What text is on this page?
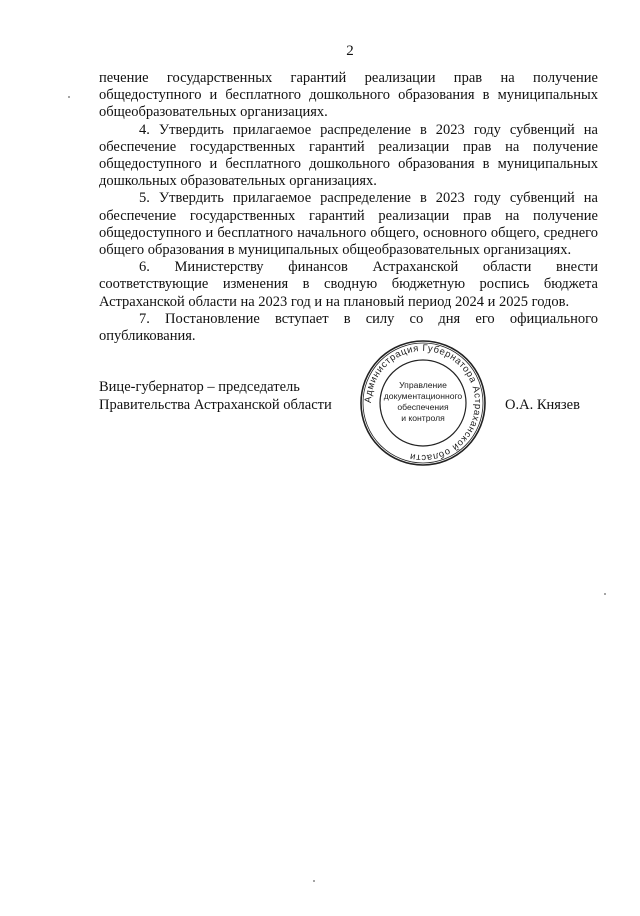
2

печение государственных гарантий реализации прав на получение общедоступного и бесплатного дошкольного образования в муниципальных общеобразовательных организациях.

4. Утвердить прилагаемое распределение в 2023 году субвенций на обеспечение государственных гарантий реализации прав на получение общедоступного и бесплатного дошкольного образования в муниципальных дошкольных образовательных организациях.

5. Утвердить прилагаемое распределение в 2023 году субвенций на обеспечение государственных гарантий реализации прав на получение общедоступного и бесплатного начального общего, основного общего, среднего общего образования в муниципальных общеобразовательных организациях.

6. Министерству финансов Астраханской области внести соответствующие изменения в сводную бюджетную роспись бюджета Астраханской области на 2023 год и на плановый период 2024 и 2025 годов.

7. Постановление вступает в силу со дня его официального опубликования.

Вице-губернатор – председатель
Правительства Астраханской области	Администрация Губернатора Астраханской области
Управление
документационного
обеспечения
и контроля
О.А. Князев
